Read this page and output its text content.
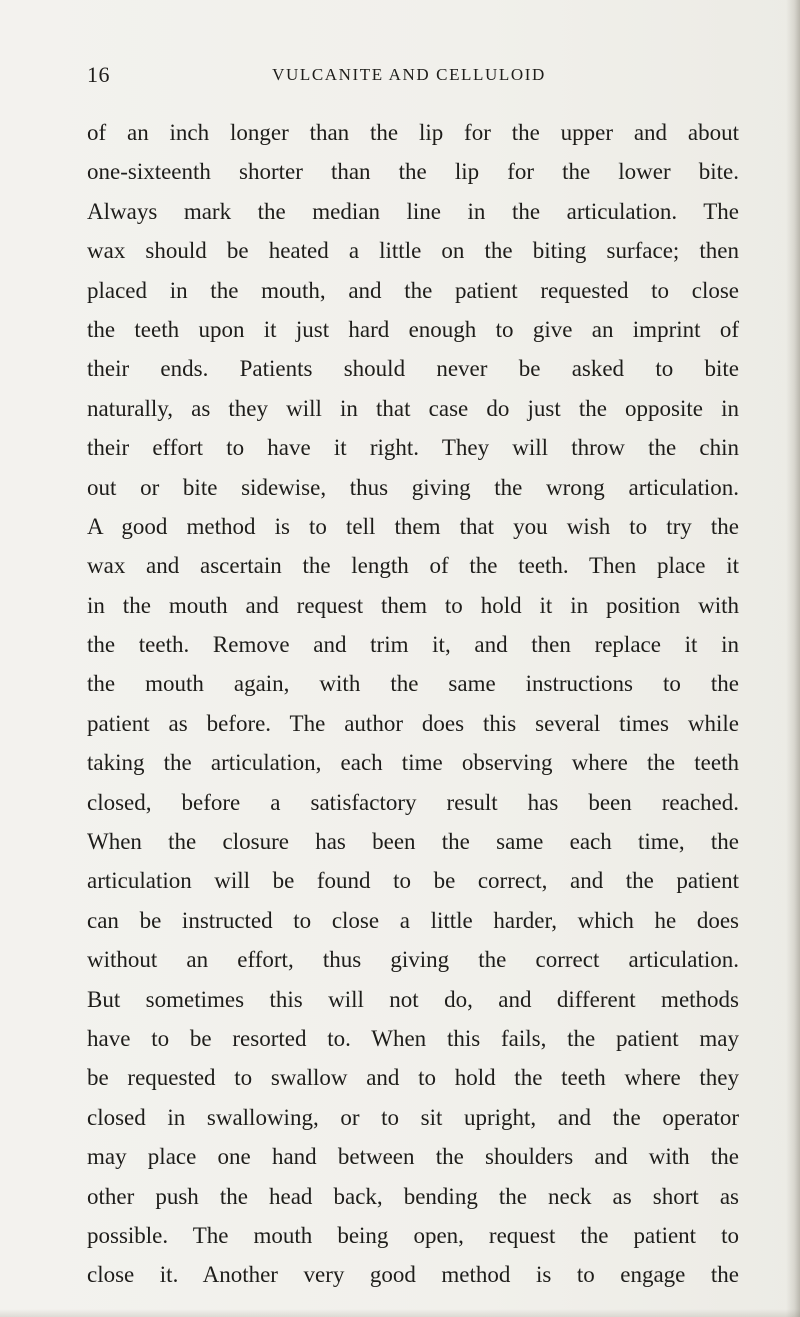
16	VULCANITE AND CELLULOID
of an inch longer than the lip for the upper and about
one-sixteenth shorter than the lip for the lower bite.
Always mark the median line in the articulation. The
wax should be heated a little on the biting surface; then
placed in the mouth, and the patient requested to close
the teeth upon it just hard enough to give an imprint of
their ends. Patients should never be asked to bite
naturally, as they will in that case do just the opposite in
their effort to have it right. They will throw the chin
out or bite sidewise, thus giving the wrong articulation.
A good method is to tell them that you wish to try the
wax and ascertain the length of the teeth. Then place it
in the mouth and request them to hold it in position with
the teeth. Remove and trim it, and then replace it in
the mouth again, with the same instructions to the
patient as before. The author does this several times while
taking the articulation, each time observing where the teeth
closed, before a satisfactory result has been reached.
When the closure has been the same each time, the
articulation will be found to be correct, and the patient
can be instructed to close a little harder, which he does
without an effort, thus giving the correct articulation.
But sometimes this will not do, and different methods
have to be resorted to. When this fails, the patient may
be requested to swallow and to hold the teeth where they
closed in swallowing, or to sit upright, and the operator
may place one hand between the shoulders and with the
other push the head back, bending the neck as short as
possible. The mouth being open, request the patient to
close it. Another very good method is to engage the
